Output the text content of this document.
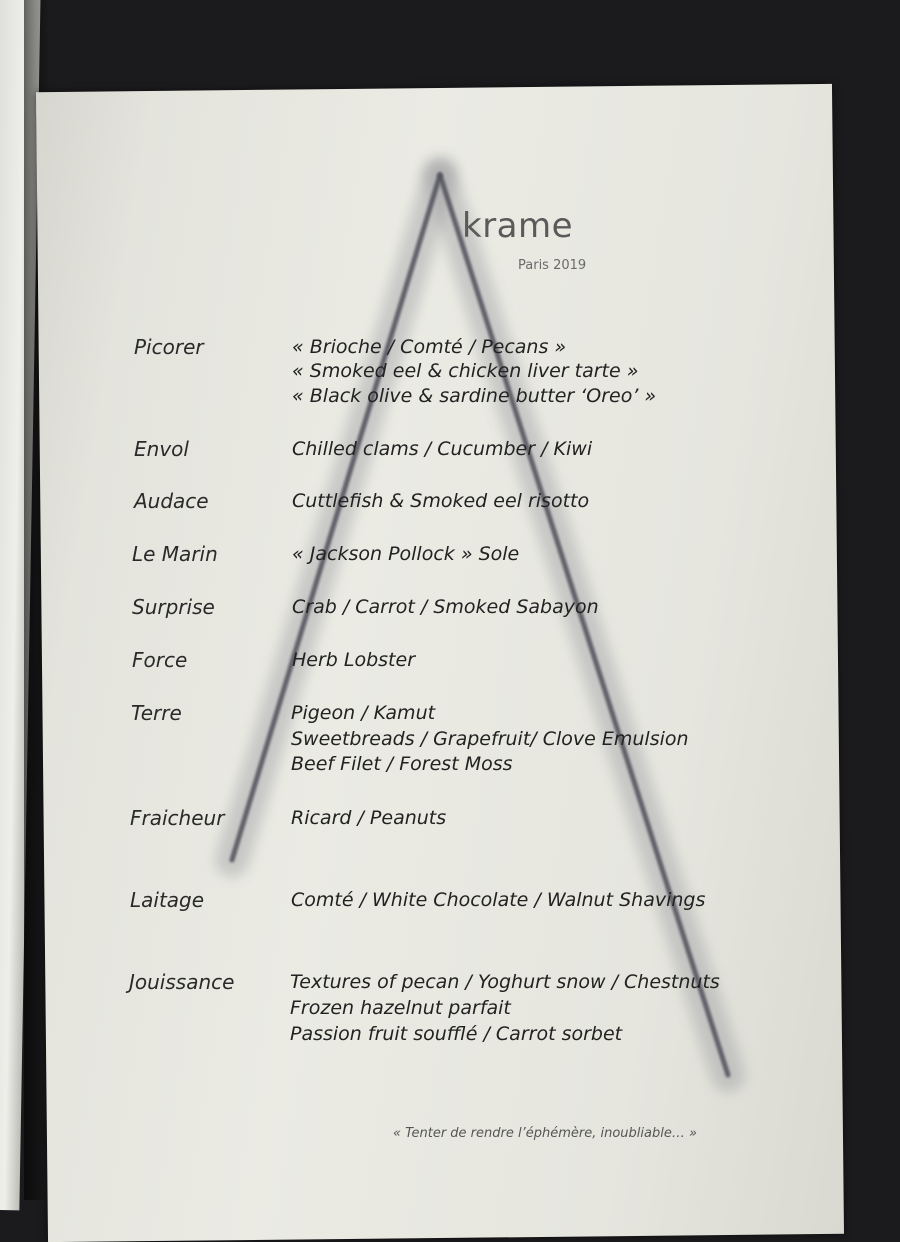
krame
Paris 2019
Picorer	« Brioche / Comté / Pecans »
« Smoked eel & chicken liver tarte »
« Black olive & sardine butter ‘Oreo’ »
Envol	Chilled clams / Cucumber / Kiwi
Audace	Cuttlefish & Smoked eel risotto
Le Marin	« Jackson Pollock » Sole
Surprise	Crab / Carrot / Smoked Sabayon
Force	Herb Lobster
Terre	Pigeon / Kamut
Sweetbreads / Grapefruit/ Clove Emulsion
Beef Filet / Forest Moss
Fraicheur	Ricard / Peanuts
Laitage	Comté / White Chocolate / Walnut Shavings
Jouissance	Textures of pecan / Yoghurt snow / Chestnuts
Frozen hazelnut parfait
Passion fruit soufflé / Carrot sorbet
« Tenter de rendre l’éphémère, inoubliable… »
